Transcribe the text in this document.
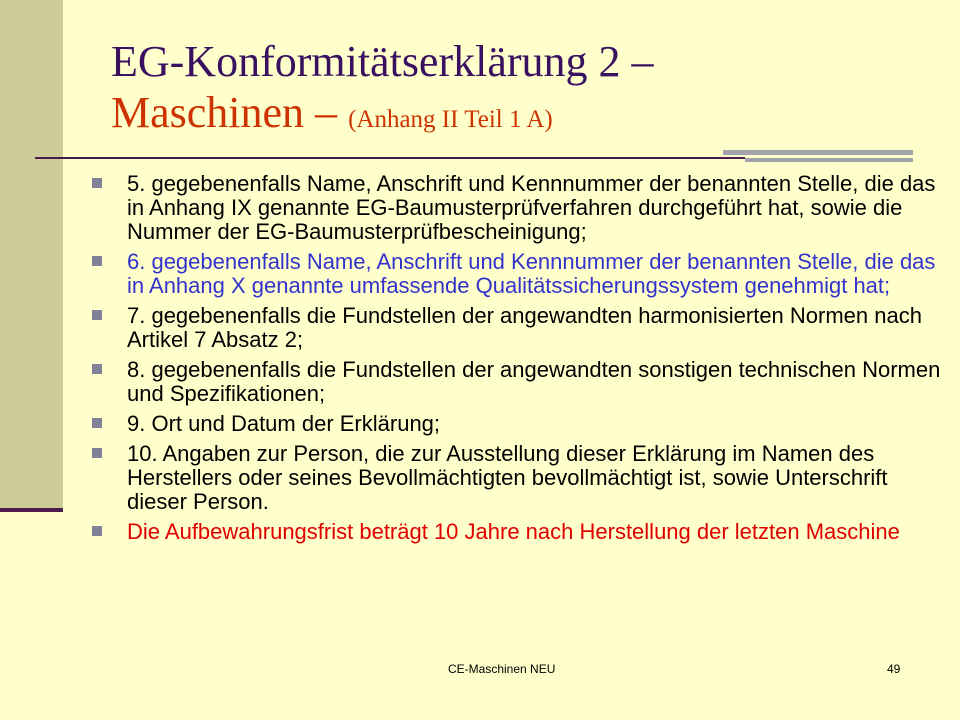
EG-Konformitätserklärung 2 –
Maschinen – (Anhang II Teil 1 A)
5. gegebenenfalls Name, Anschrift und Kennnummer der benannten Stelle, die das in Anhang IX genannte EG-Baumusterprüfverfahren durchgeführt hat, sowie die Nummer der EG-Baumusterprüfbescheinigung;
6. gegebenenfalls Name, Anschrift und Kennnummer der benannten Stelle, die das in Anhang X genannte umfassende Qualitätssicherungssystem genehmigt hat;
7. gegebenenfalls die Fundstellen der angewandten harmonisierten Normen nach Artikel 7 Absatz 2;
8. gegebenenfalls die Fundstellen der angewandten sonstigen technischen Normen und Spezifikationen;
9. Ort und Datum der Erklärung;
10. Angaben zur Person, die zur Ausstellung dieser Erklärung im Namen des Herstellers oder seines Bevollmächtigten bevollmächtigt ist, sowie Unterschrift dieser Person.
Die Aufbewahrungsfrist beträgt 10 Jahre nach Herstellung der letzten Maschine
CE-Maschinen NEU	49
